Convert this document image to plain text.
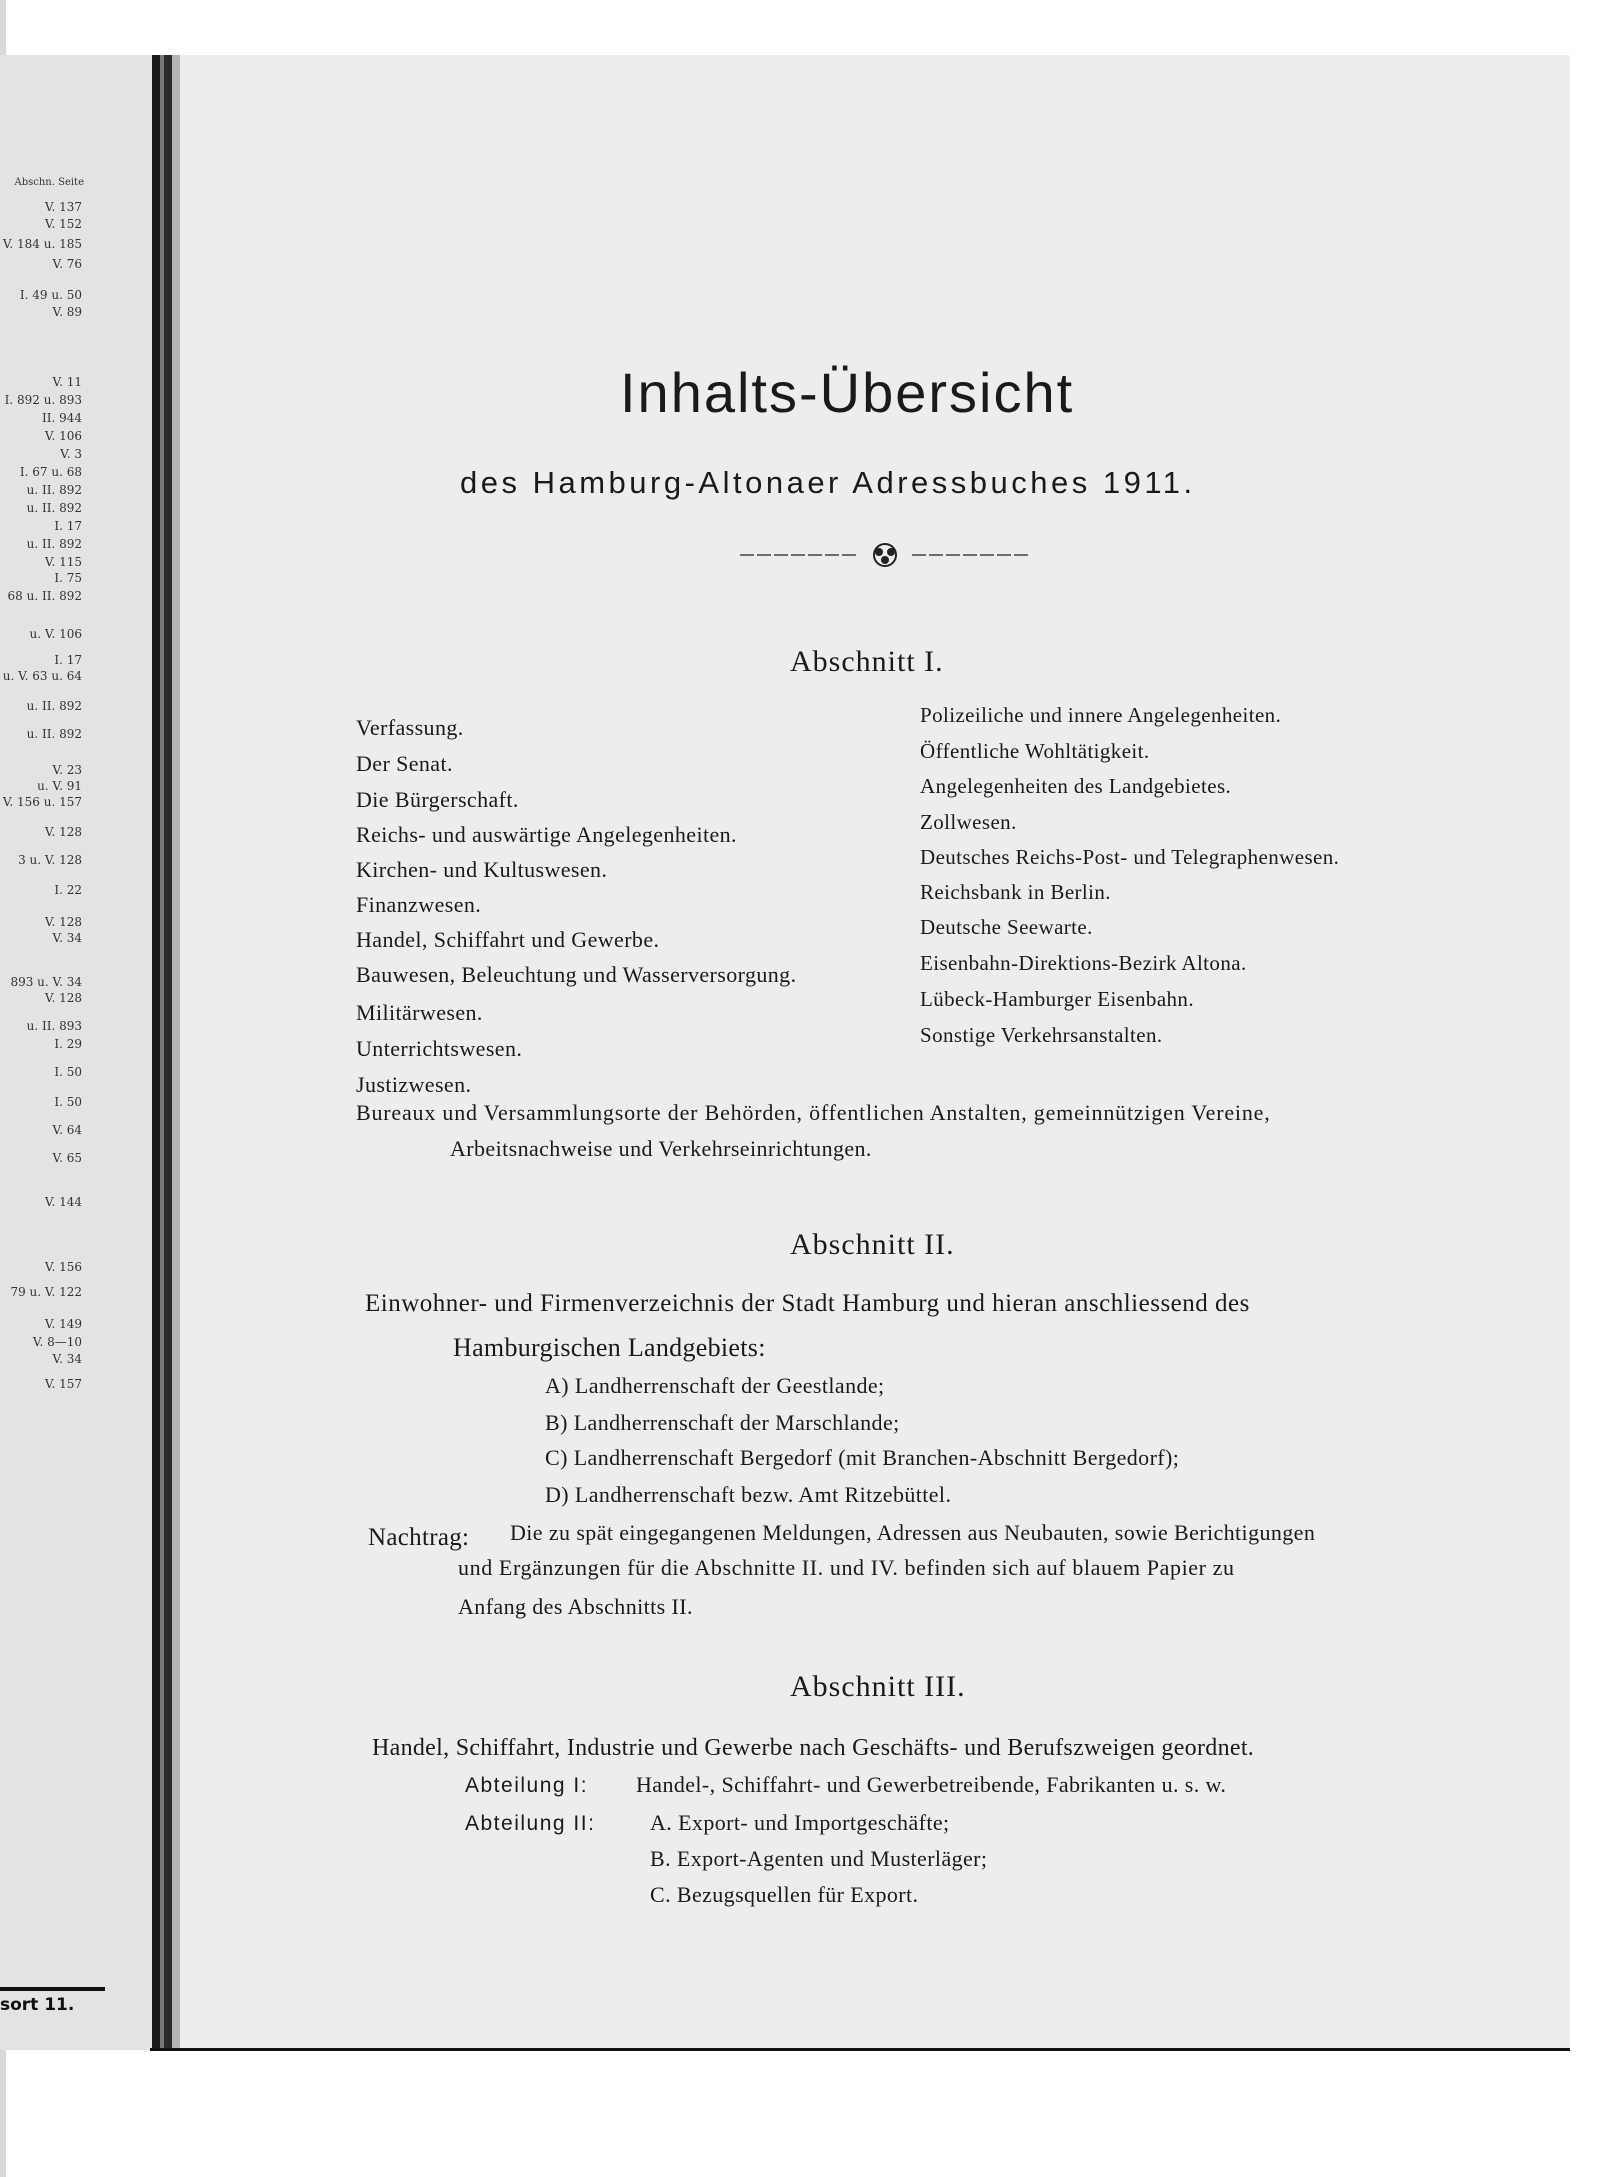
Abschn. Seite
V. 137
V. 152
V. 184 u. 185
V. 76
I. 49 u. 50
V. 89
V. 11
I. 892 u. 893
II. 944
V. 106
V. 3
I. 67 u. 68
u. II. 892
u. II. 892
I. 17
u. II. 892
V. 115
I. 75
68 u. II. 892
u. V. 106
I. 17
u. V. 63 u. 64
u. II. 892
u. II. 892
V. 23
u. V. 91
V. 156 u. 157
V. 128
3 u. V. 128
I. 22
V. 128
V. 34
893 u. V. 34
V. 128
u. II. 893
I. 29
I. 50
I. 50
V. 64
V. 65
V. 144
V. 156
79 u. V. 122
V. 149
V. 8—10
V. 34
V. 157
sort 11.
Inhalts-Übersicht
des Hamburg-Altonaer Adressbuches 1911.
Abschnitt I.
Verfassung.
Der Senat.
Die Bürgerschaft.
Reichs- und auswärtige Angelegenheiten.
Kirchen- und Kultuswesen.
Finanzwesen.
Handel, Schiffahrt und Gewerbe.
Bauwesen, Beleuchtung und Wasserversorgung.
Militärwesen.
Unterrichtswesen.
Justizwesen.
Polizeiliche und innere Angelegenheiten.
Öffentliche Wohltätigkeit.
Angelegenheiten des Landgebietes.
Zollwesen.
Deutsches Reichs-Post- und Telegraphenwesen.
Reichsbank in Berlin.
Deutsche Seewarte.
Eisenbahn-Direktions-Bezirk Altona.
Lübeck-Hamburger Eisenbahn.
Sonstige Verkehrsanstalten.
Bureaux und Versammlungsorte der Behörden, öffentlichen Anstalten, gemeinnützigen Vereine,
Arbeitsnachweise und Verkehrseinrichtungen.
Abschnitt II.
Einwohner- und Firmenverzeichnis der Stadt Hamburg und hieran anschliessend des
Hamburgischen Landgebiets:
A) Landherrenschaft der Geestlande;
B) Landherrenschaft der Marschlande;
C) Landherrenschaft Bergedorf (mit Branchen-Abschnitt Bergedorf);
D) Landherrenschaft bezw. Amt Ritzebüttel.
Nachtrag: Die zu spät eingegangenen Meldungen, Adressen aus Neubauten, sowie Berichtigungen
und Ergänzungen für die Abschnitte II. und IV. befinden sich auf blauem Papier zu
Anfang des Abschnitts II.
Abschnitt III.
Handel, Schiffahrt, Industrie und Gewerbe nach Geschäfts- und Berufszweigen geordnet.
Abteilung I: Handel-, Schiffahrt- und Gewerbetreibende, Fabrikanten u. s. w.
Abteilung II: A. Export- und Importgeschäfte;
B. Export-Agenten und Musterläger;
C. Bezugsquellen für Export.
